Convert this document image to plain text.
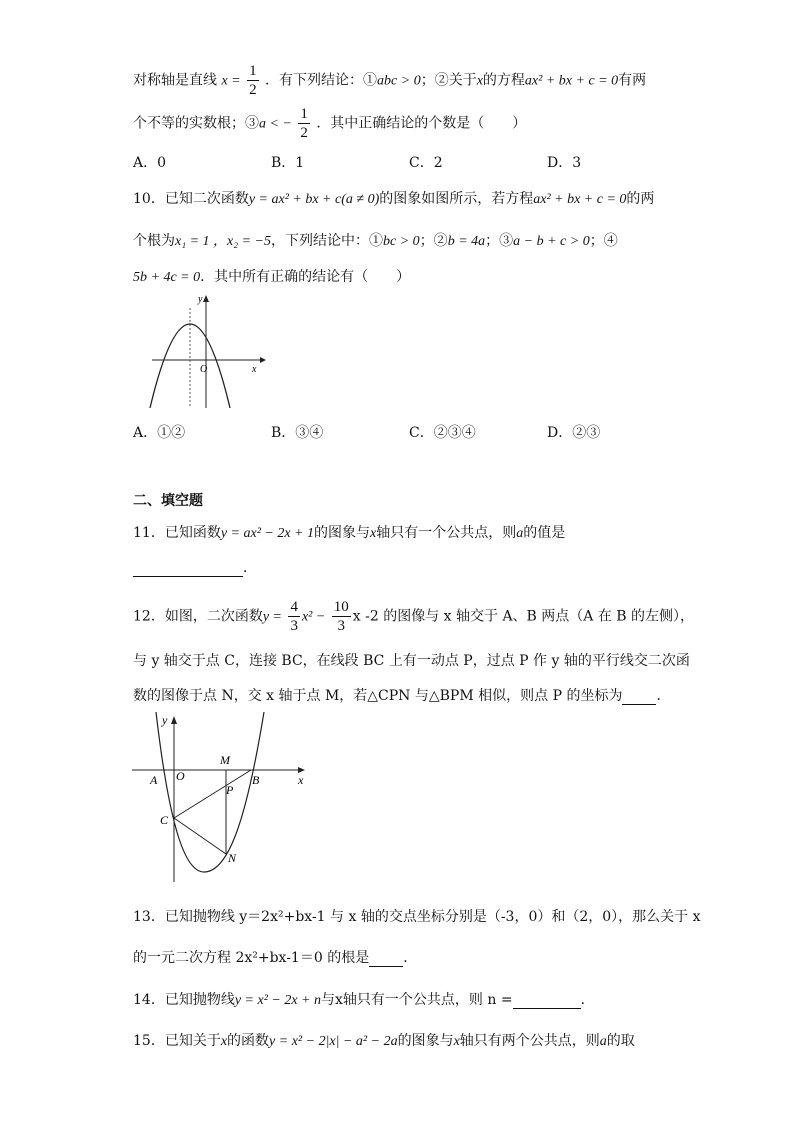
对称轴是直线 $x = \frac{1}{2}$ ．有下列结论：①abc > 0；②关于x的方程ax² + bx + c = 0有两
个不等的实数根；③a < − $\frac{1}{2}$ ．其中正确结论的个数是（　　）
A．0	B．1	C．2	D．3
10．已知二次函数y = ax² + bx + c(a ≠ 0)的图象如图所示，若方程ax² + bx + c = 0的两
个根为x₁ = 1 ，x₂ = −5，下列结论中：①bc > 0；②b = 4a；③a − b + c > 0；④
5b + 4c = 0．其中所有正确的结论有（　　）
y
O	x
A．①②	B．③④	C．②③④	D．②③
二、填空题
11．已知函数y = ax² − 2x + 1的图象与x轴只有一个公共点，则a的值是
．
12．如图，二次函数$y = \frac{4}{3} x^2 - \frac{10}{3}$ x -2 的图像与 x 轴交于 A、B 两点（A 在 B 的左侧），
与 y 轴交于点 C，连接 BC，在线段 BC 上有一动点 P，过点 P 作 y 轴的平行线交二次函
数的图像于点 N，交 x 轴于点 M，若△CPN 与△BPM 相似，则点 P 的坐标为 ．
y
x
A O
M
B
P
C
N
13．已知抛物线 y＝2x²+bx-1 与 x 轴的交点坐标分别是（-3，0）和（2，0），那么关于 x
的一元二次方程 2x²+bx-1＝0 的根是 ．
14．已知抛物线y = x² − 2x + n与x轴只有一个公共点，则 n =	．
15．已知关于x的函数y = x² − 2|x| − a² − 2a的图象与x轴只有两个公共点，则a的取
